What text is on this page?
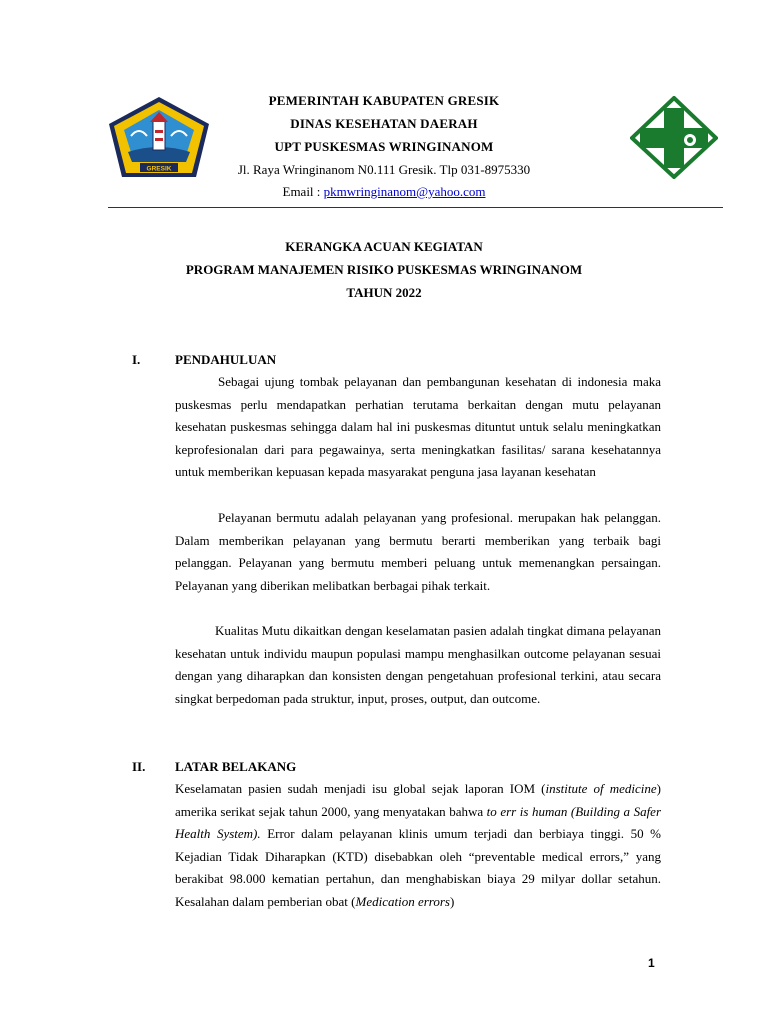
GRESIK
PEMERINTAH KABUPATEN GRESIK
DINAS KESEHATAN DAERAH
UPT PUSKESMAS WRINGINANOM
Jl. Raya Wringinanom N0.111 Gresik. Tlp 031-8975330
Email : pkmwringinanom@yahoo.com
KERANGKA ACUAN KEGIATAN
PROGRAM MANAJEMEN RISIKO PUSKESMAS WRINGINANOM
TAHUN 2022
I.	PENDAHULUAN
Sebagai ujung tombak pelayanan dan pembangunan kesehatan di indonesia maka puskesmas perlu mendapatkan perhatian terutama berkaitan dengan mutu pelayanan kesehatan puskesmas sehingga dalam hal ini puskesmas dituntut untuk selalu meningkatkan keprofesionalan dari para pegawainya, serta meningkatkan fasilitas/ sarana kesehatannya untuk memberikan kepuasan kepada masyarakat penguna jasa layanan kesehatan
Pelayanan bermutu adalah pelayanan yang profesional. merupakan hak pelanggan. Dalam memberikan pelayanan yang bermutu berarti memberikan yang terbaik bagi pelanggan. Pelayanan yang bermutu memberi peluang untuk memenangkan persaingan. Pelayanan yang diberikan melibatkan berbagai pihak terkait.
Kualitas Mutu dikaitkan dengan keselamatan pasien adalah tingkat dimana pelayanan kesehatan untuk individu maupun populasi mampu menghasilkan outcome pelayanan sesuai dengan yang diharapkan dan konsisten dengan pengetahuan profesional terkini, atau secara singkat berpedoman pada struktur, input, proses, output, dan outcome.
II. LATAR BELAKANG
Keselamatan pasien sudah menjadi isu global sejak laporan IOM (institute of medicine) amerika serikat sejak tahun 2000, yang menyatakan bahwa to err is human (Building a Safer Health System). Error dalam pelayanan klinis umum terjadi dan berbiaya tinggi. 50 % Kejadian Tidak Diharapkan (KTD) disebabkan oleh “preventable medical errors,” yang berakibat 98.000 kematian pertahun, dan menghabiskan biaya 29 milyar dollar setahun. Kesalahan dalam pemberian obat (Medication errors)
1
